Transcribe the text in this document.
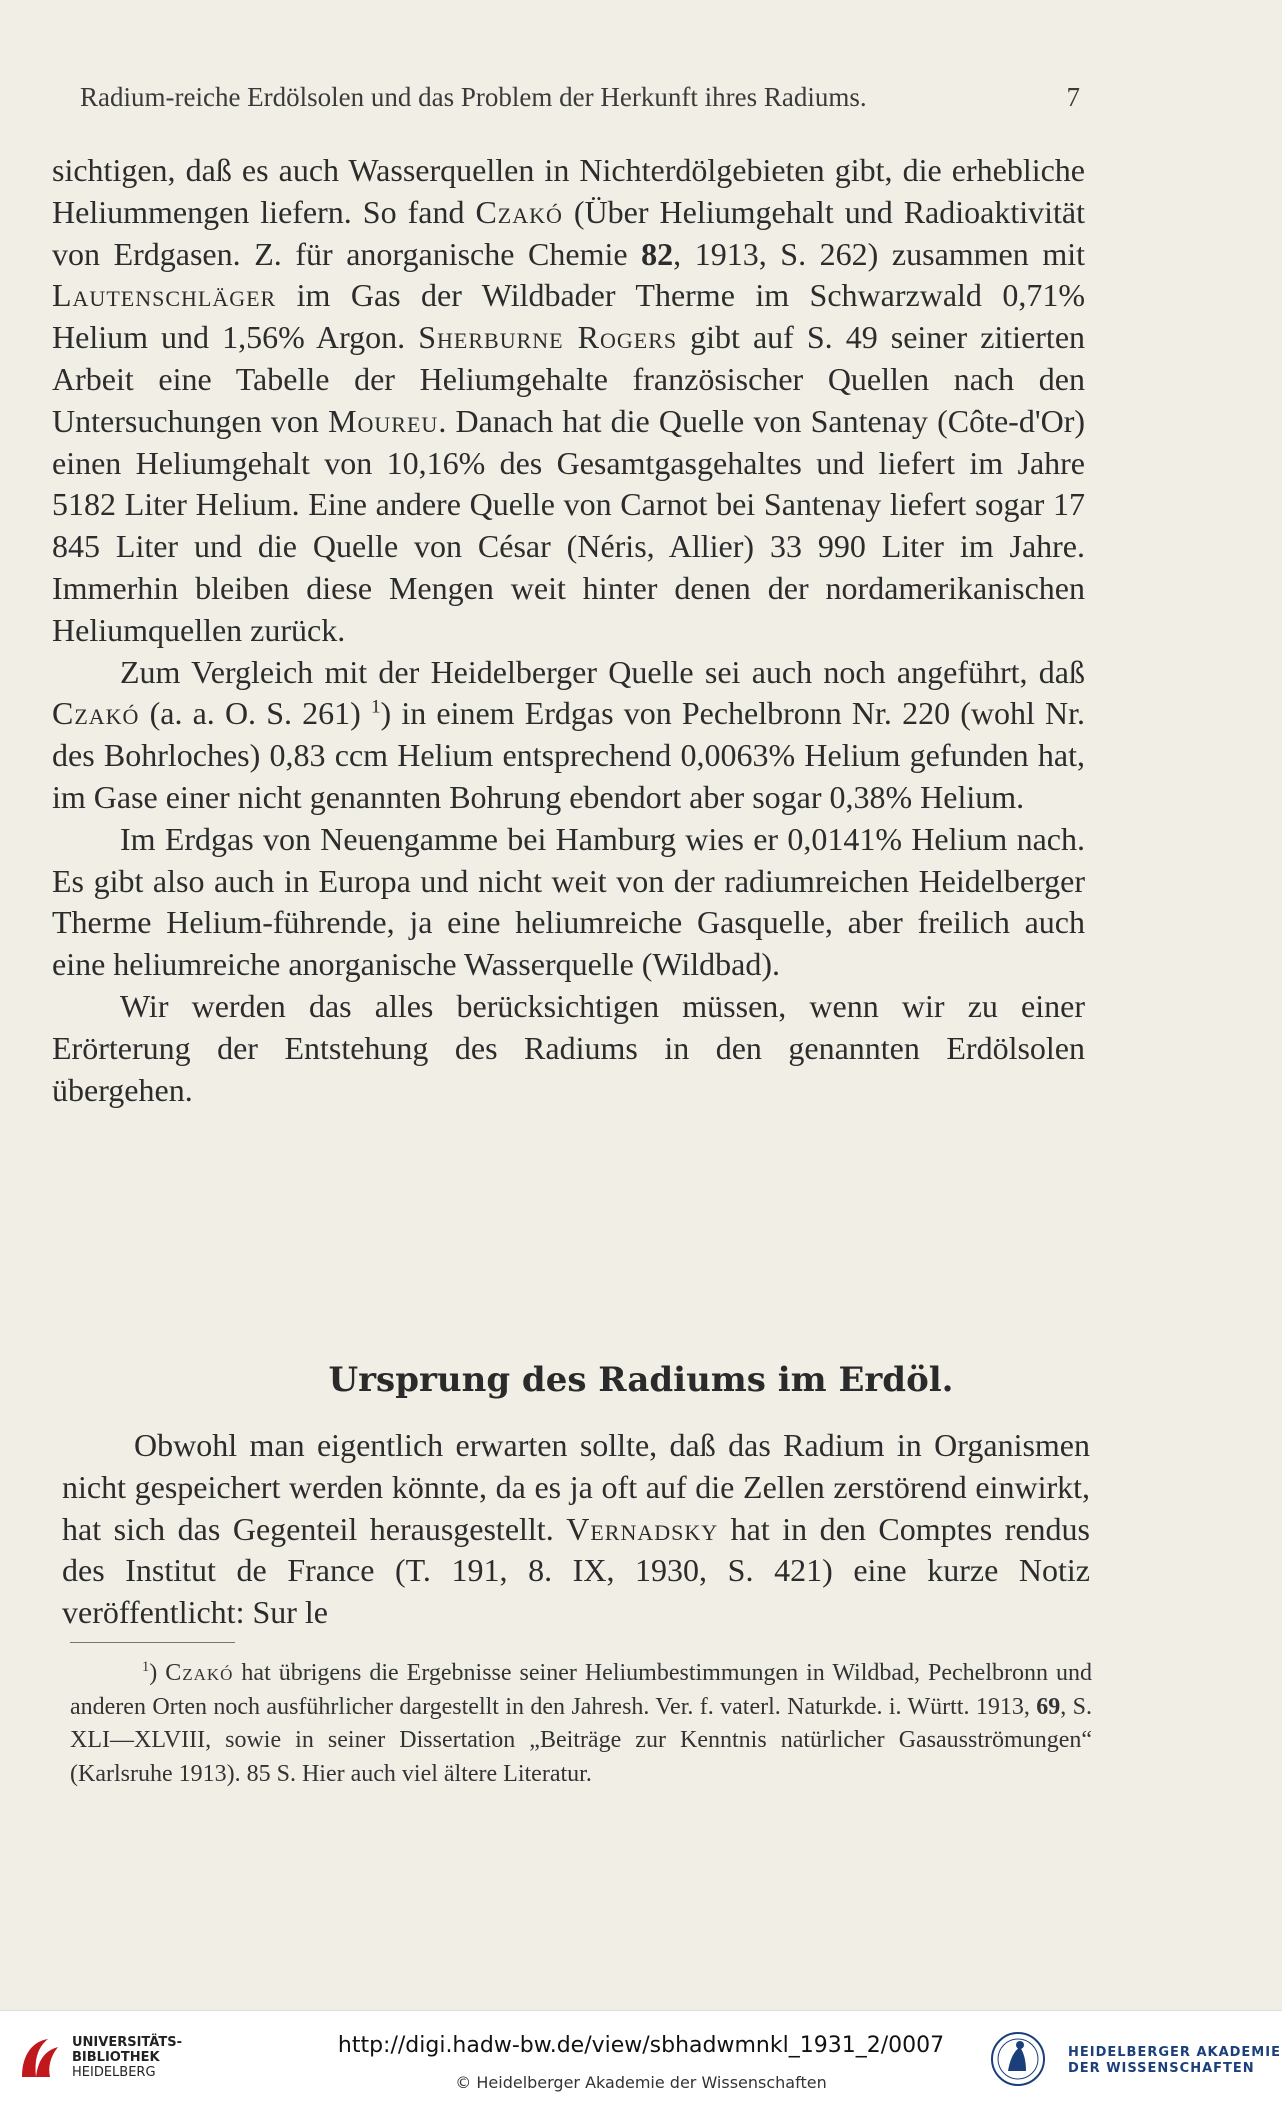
Radium-reiche Erdölsolen und das Problem der Herkunft ihres Radiums.	7

sichtigen, daß es auch Wasserquellen in Nichterdölgebieten gibt, die erhebliche Heliummengen liefern. So fand Czakó (Über Heliumgehalt und Radioaktivität von Erdgasen. Z. für anorganische Chemie 82, 1913, S. 262) zusammen mit Lautenschläger im Gas der Wildbader Therme im Schwarzwald 0,71% Helium und 1,56% Argon. Sherburne Rogers gibt auf S. 49 seiner zitierten Arbeit eine Tabelle der Heliumgehalte französischer Quellen nach den Untersuchungen von Moureu. Danach hat die Quelle von Santenay (Côte-d'Or) einen Heliumgehalt von 10,16% des Gesamtgasgehaltes und liefert im Jahre 5182 Liter Helium. Eine andere Quelle von Carnot bei Santenay liefert sogar 17 845 Liter und die Quelle von César (Néris, Allier) 33 990 Liter im Jahre. Immerhin bleiben diese Mengen weit hinter denen der nordamerikanischen Heliumquellen zurück.

Zum Vergleich mit der Heidelberger Quelle sei auch noch angeführt, daß Czakó (a. a. O. S. 261) $^1$) in einem Erdgas von Pechelbronn Nr. 220 (wohl Nr. des Bohrloches) 0,83 ccm Helium entsprechend 0,0063% Helium gefunden hat, im Gase einer nicht genannten Bohrung ebendort aber sogar 0,38% Helium.

Im Erdgas von Neuengamme bei Hamburg wies er 0,0141% Helium nach. Es gibt also auch in Europa und nicht weit von der radiumreichen Heidelberger Therme Helium-führende, ja eine heliumreiche Gasquelle, aber freilich auch eine heliumreiche anorganische Wasserquelle (Wildbad).

Wir werden das alles berücksichtigen müssen, wenn wir zu einer Erörterung der Entstehung des Radiums in den genannten Erdölsolen übergehen.

Ursprung des Radiums im Erdöl.

Obwohl man eigentlich erwarten sollte, daß das Radium in Organismen nicht gespeichert werden könnte, da es ja oft auf die Zellen zerstörend einwirkt, hat sich das Gegenteil herausgestellt. Vernadsky hat in den Comptes rendus des Institut de France (T. 191, 8. IX, 1930, S. 421) eine kurze Notiz veröffentlicht: Sur le

$^1$) Czakó hat übrigens die Ergebnisse seiner Heliumbestimmungen in Wildbad, Pechelbronn und anderen Orten noch ausführlicher dargestellt in den Jahresh. Ver. f. vaterl. Naturkde. i. Württ. 1913, 69, S. XLI—XLVIII, sowie in seiner Dissertation „Beiträge zur Kenntnis natürlicher Gasausströmungen“ (Karlsruhe 1913). 85 S. Hier auch viel ältere Literatur.

UNIVERSITÄTS-
BIBLIOTHEK
HEIDELBERG
http://digi.hadw-bw.de/view/sbhadwmnkl_1931_2/0007
© Heidelberger Akademie der Wissenschaften
HEIDELBERGER AKADEMIE
DER WISSENSCHAFTEN
